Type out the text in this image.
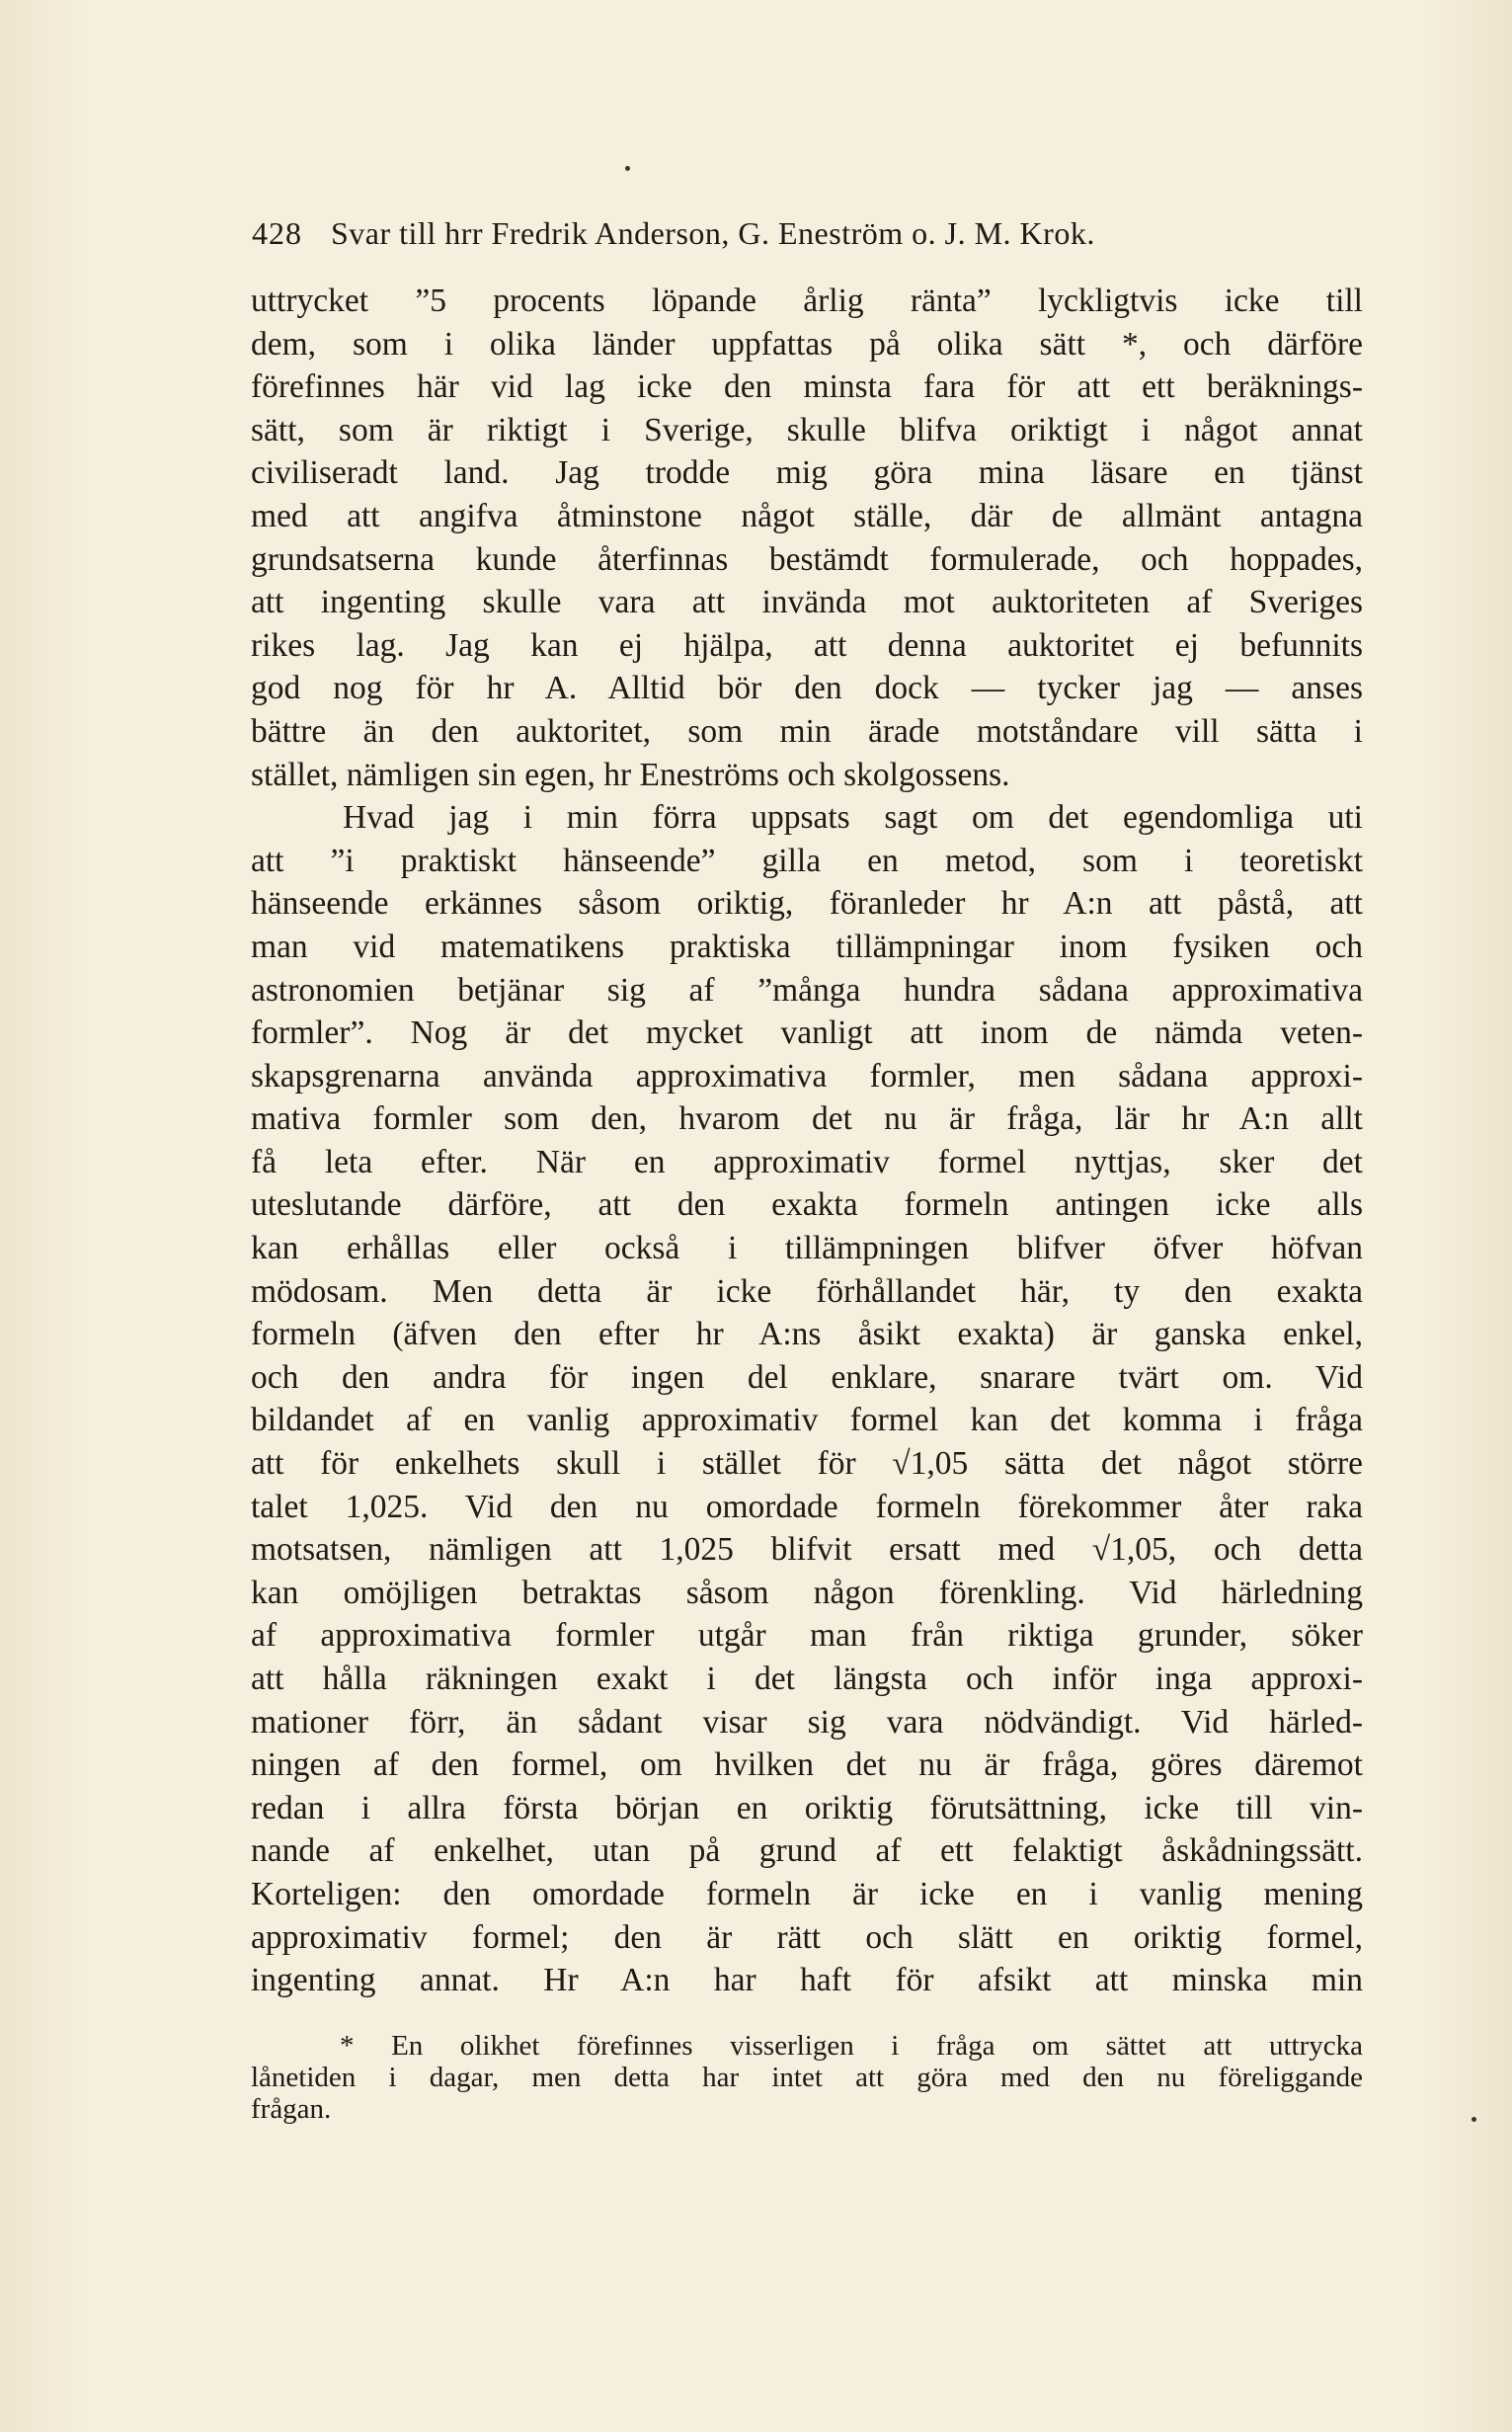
428 Svar till hrr Fredrik Anderson, G. Eneström o. J. M. Krok.
uttrycket ”5 procents löpande årlig ränta” lyckligtvis icke till
dem, som i olika länder uppfattas på olika sätt *, och därföre
förefinnes här vid lag icke den minsta fara för att ett beräknings-
sätt, som är riktigt i Sverige, skulle blifva oriktigt i något annat
civiliseradt land. Jag trodde mig göra mina läsare en tjänst
med att angifva åtminstone något ställe, där de allmänt antagna
grundsatserna kunde återfinnas bestämdt formulerade, och hoppades,
att ingenting skulle vara att invända mot auktoriteten af Sveriges
rikes lag. Jag kan ej hjälpa, att denna auktoritet ej befunnits
god nog för hr A. Alltid bör den dock — tycker jag — anses
bättre än den auktoritet, som min ärade motståndare vill sätta i
stället, nämligen sin egen, hr Eneströms och skolgossens.
Hvad jag i min förra uppsats sagt om det egendomliga uti
att ”i praktiskt hänseende” gilla en metod, som i teoretiskt
hänseende erkännes såsom oriktig, föranleder hr A:n att påstå, att
man vid matematikens praktiska tillämpningar inom fysiken och
astronomien betjänar sig af ”många hundra sådana approximativa
formler”. Nog är det mycket vanligt att inom de nämda veten-
skapsgrenarna använda approximativa formler, men sådana approxi-
mativa formler som den, hvarom det nu är fråga, lär hr A:n allt
få leta efter. När en approximativ formel nyttjas, sker det
uteslutande därföre, att den exakta formeln antingen icke alls
kan erhållas eller också i tillämpningen blifver öfver höfvan
mödosam. Men detta är icke förhållandet här, ty den exakta
formeln (äfven den efter hr A:ns åsikt exakta) är ganska enkel,
och den andra för ingen del enklare, snarare tvärt om. Vid
bildandet af en vanlig approximativ formel kan det komma i fråga
att för enkelhets skull i stället för √1,05 sätta det något större
talet 1,025. Vid den nu omordade formeln förekommer åter raka
motsatsen, nämligen att 1,025 blifvit ersatt med √1,05, och detta
kan omöjligen betraktas såsom någon förenkling. Vid härledning
af approximativa formler utgår man från riktiga grunder, söker
att hålla räkningen exakt i det längsta och inför inga approxi-
mationer förr, än sådant visar sig vara nödvändigt. Vid härled-
ningen af den formel, om hvilken det nu är fråga, göres däremot
redan i allra första början en oriktig förutsättning, icke till vin-
nande af enkelhet, utan på grund af ett felaktigt åskådningssätt.
Korteligen: den omordade formeln är icke en i vanlig mening
approximativ formel; den är rätt och slätt en oriktig formel,
ingenting annat. Hr A:n har haft för afsikt att minska min
* En olikhet förefinnes visserligen i fråga om sättet att uttrycka
lånetiden i dagar, men detta har intet att göra med den nu föreliggande
frågan.
